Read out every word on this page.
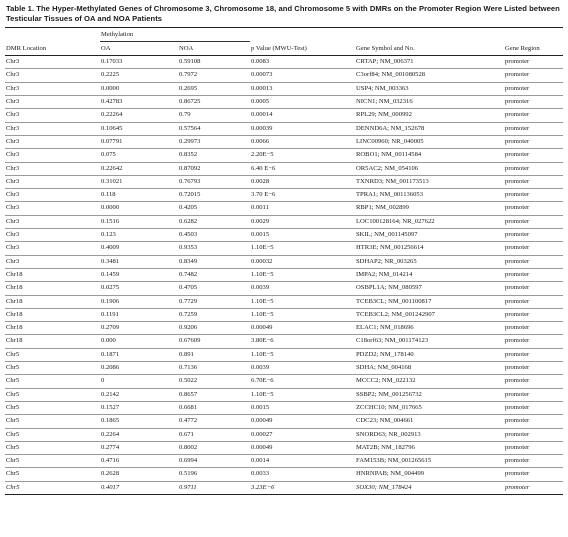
Table 1. The Hyper-Methylated Genes of Chromosome 3, Chromosome 18, and Chromosome 5 with DMRs on the Promoter Region Were Listed between Testicular Tissues of OA and NOA Patients
	Methylation				
DMR Location	OA	NOA	p Value (MWU-Test)	Gene Symbol and No.	Gene Region
Chr3	0.17033	0.59108	0.0083	CRTAP; NM_006371	promoter
Chr3	0.2225	0.7972	0.00073	C3orf84; NM_001080528	promoter
Chr3	0.0000	0.2695	0.00013	USP4; NM_003363	promoter
Chr3	0.42783	0.86725	0.0005	NICN1; NM_032316	promoter
Chr3	0.22264	0.79	0.00014	RPL29; NM_000992	promoter
Chr3	0.10645	0.57564	0.00039	DENND6A; NM_152678	promoter
Chr3	0.07791	0.29973	0.0066	LINC00960; NR_040005	promoter
Chr3	0.075	0.8352	2.20E−5	ROBO1; NM_00114584	promoter
Chr3	0.22642	0.87092	6.40 E−6	OR5AC2; NM_054106	promoter
Chr3	0.31021	0.76793	0.0028	TXNRD3; NM_001173513	promoter
Chr3	0.118	0.72015	3.70 E−6	TPRA1; NM_001136053	promoter
Chr3	0.0000	0.4205	0.0011	RBP1; NM_002899	promoter
Chr3	0.1516	0.6282	0.0029	LOC100128164; NR_027622	promoter
Chr3	0.123	0.4503	0.0015	SKIL; NM_001145097	promoter
Chr3	0.4009	0.9353	1.10E−5	HTR3E; NM_001256614	promoter
Chr3	0.3481	0.8349	0.00032	SDHAP2; NR_003265	promoter
Chr18	0.1459	0.7482	1.10E−5	IMPA2; NM_014214	promoter
Chr18	0.0275	0.4705	0.0039	OSBPL1A; NM_080597	promoter
Chr18	0.1906	0.7729	1.10E−5	TCEB3CL; NM_001100817	promoter
Chr18	0.1191	0.7259	1.10E−5	TCEB3CL2; NM_001242907	promoter
Chr18	0.2709	0.9206	0.00049	ELAC1; NM_018696	promoter
Chr18	0.000	0.67609	3.80E−6	C18orf63; NM_001174123	promoter
Chr5	0.1871	0.891	1.10E−5	PDZD2; NM_178140	promoter
Chr5	0.2086	0.7136	0.0039	SDHA; NM_004168	promoter
Chr5	0	0.5022	6.70E−6	MCCC2; NM_022132	promoter
Chr5	0.2142	0.8657	1.10E−5	SSBP2; NM_001256732	promoter
Chr5	0.1527	0.6681	0.0015	ZCCHC10; NM_017665	promoter
Chr5	0.1865	0.4772	0.00049	CDC23; NM_004661	promoter
Chr5	0.2264	0.671	0.00027	SNORD63; NR_002913	promoter
Chr5	0.2774	0.8002	0.00049	MAT2B; NM_182796	promoter
Chr5	0.4716	0.6994	0.0014	FAM153B; NM_001265615	promoter
Chr5	0.2628	0.5196	0.0033	HNRNPAB; NM_004499	promoter
Chr5	0.4017	0.9711	3.23E−6	SOX30; NM_178424	promoter
